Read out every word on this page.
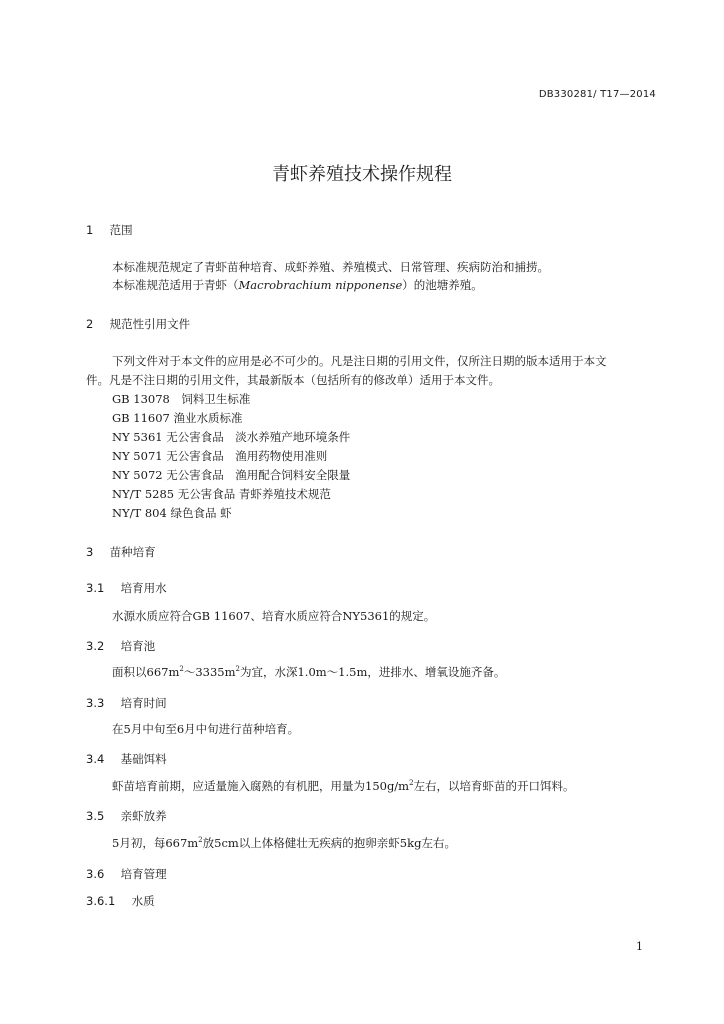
DB330281/ T17—2014
青虾养殖技术操作规程
1 范围
本标准规范规定了青虾苗种培育、成虾养殖、养殖模式、日常管理、疾病防治和捕捞。
本标准规范适用于青虾（Macrobrachium nipponense）的池塘养殖。
2 规范性引用文件
下列文件对于本文件的应用是必不可少的。凡是注日期的引用文件，仅所注日期的版本适用于本文
件。凡是不注日期的引用文件，其最新版本（包括所有的修改单）适用于本文件。
GB 13078　饲料卫生标准
GB 11607 渔业水质标准
NY 5361 无公害食品　淡水养殖产地环境条件
NY 5071 无公害食品　渔用药物使用准则
NY 5072 无公害食品　渔用配合饲料安全限量
NY/T 5285 无公害食品 青虾养殖技术规范
NY/T 804 绿色食品 虾
3 苗种培育
3.1 培育用水
水源水质应符合GB 11607、培育水质应符合NY5361的规定。
3.2 培育池
面积以$667m^2\sim 3335m^2$为宜，水深1.0m～1.5m，进排水、增氧设施齐备。
3.3 培育时间
在5月中旬至6月中旬进行苗种培育。
3.4 基础饵料
虾苗培育前期，应适量施入腐熟的有机肥，用量为$150g/m^2$左右，以培育虾苗的开口饵料。
3.5 亲虾放养
5月初，每$667m^2$放5cm以上体格健壮无疾病的抱卵亲虾5kg左右。
3.6 培育管理
3.6.1 水质
1
